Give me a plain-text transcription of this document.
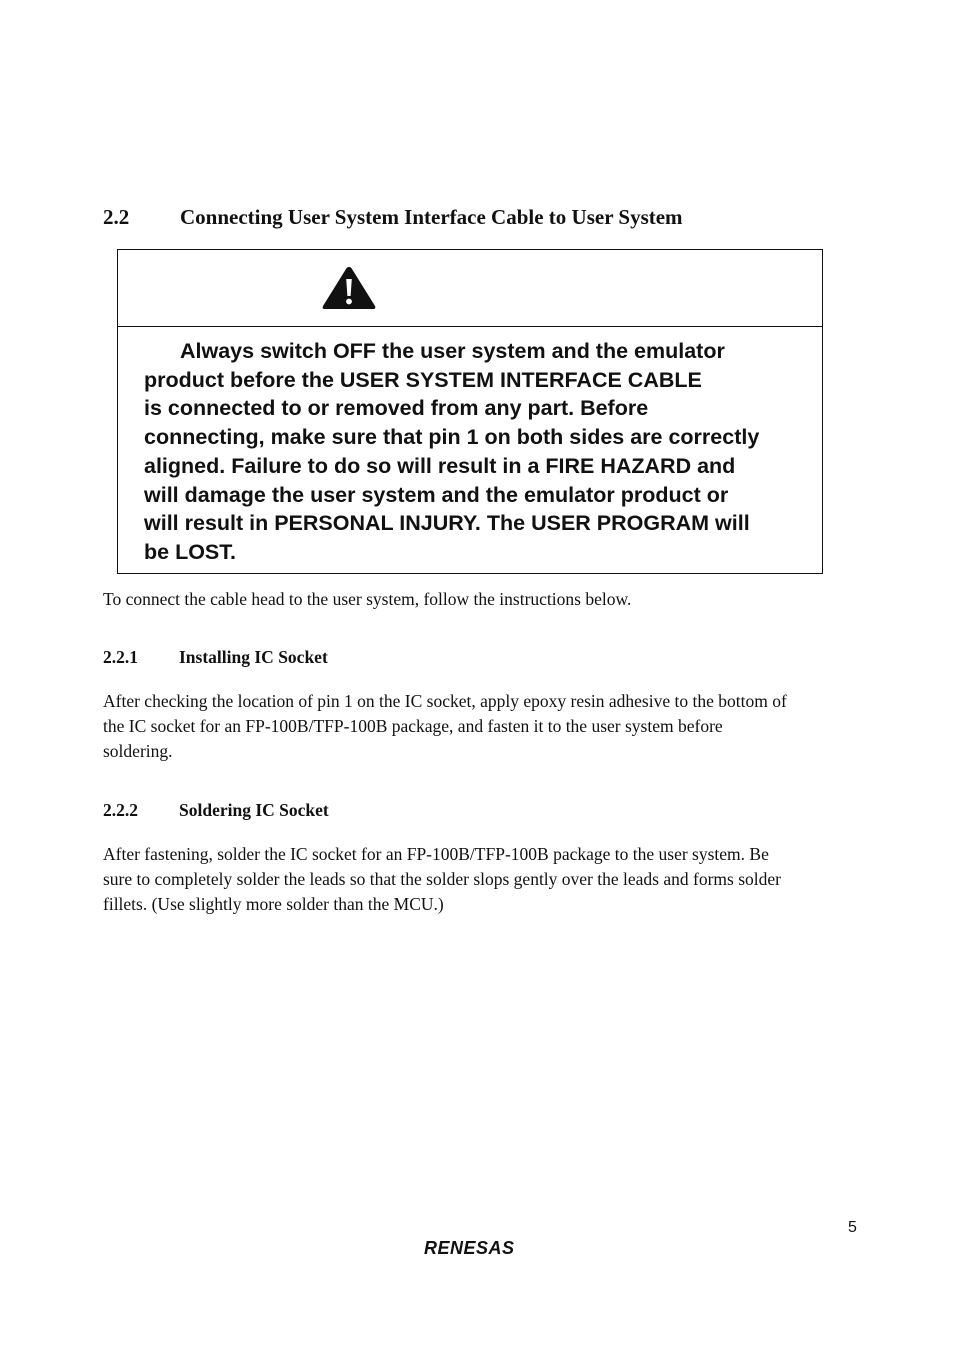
2.2 Connecting User System Interface Cable to User System
Always switch OFF the user system and the emulator
product before the USER SYSTEM INTERFACE CABLE
is connected to or removed from any part. Before
connecting, make sure that pin 1 on both sides are correctly
aligned. Failure to do so will result in a FIRE HAZARD and
will damage the user system and the emulator product or
will result in PERSONAL INJURY. The USER PROGRAM will
be LOST.
To connect the cable head to the user system, follow the instructions below.
2.2.1 Installing IC Socket
After checking the location of pin 1 on the IC socket, apply epoxy resin adhesive to the bottom of
the IC socket for an FP-100B/TFP-100B package, and fasten it to the user system before
soldering.
2.2.2 Soldering IC Socket
After fastening, solder the IC socket for an FP-100B/TFP-100B package to the user system. Be
sure to completely solder the leads so that the solder slops gently over the leads and forms solder
fillets. (Use slightly more solder than the MCU.)
5
RENESAS
